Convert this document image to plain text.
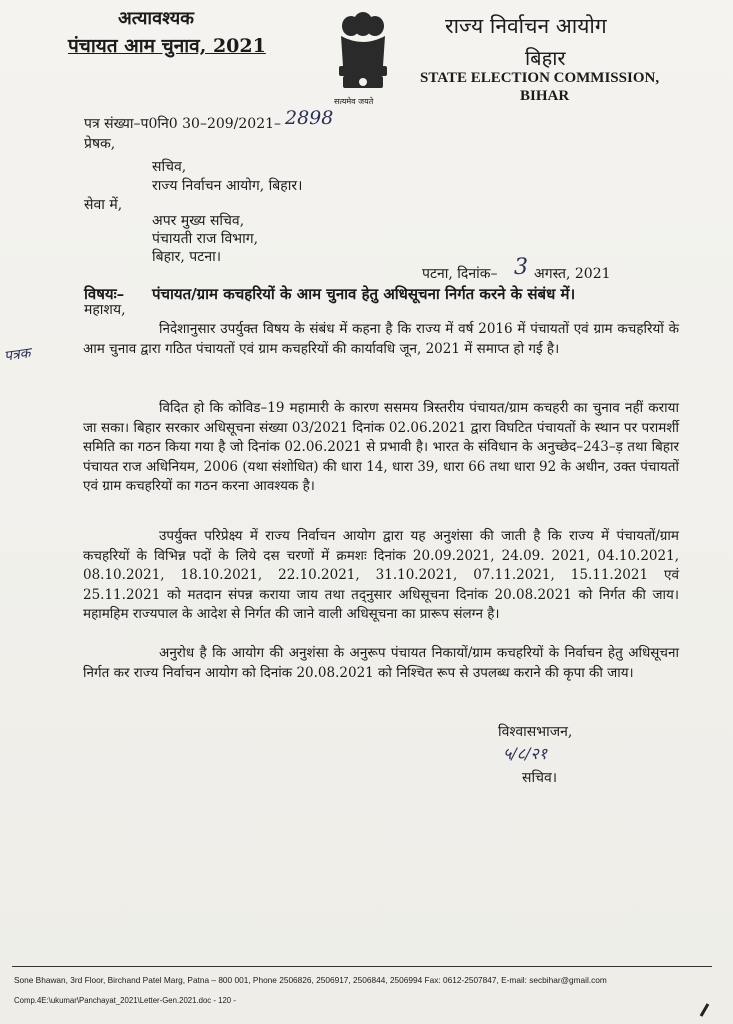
अत्यावश्यक
पंचायत आम चुनाव, 2021
सत्यमेव जयते
राज्य निर्वाचन आयोग
बिहार
STATE ELECTION COMMISSION,
BIHAR
पत्र संख्या–प0नि0 30–209/2021– 2898
प्रेषक,
सचिव,
राज्य निर्वाचन आयोग, बिहार।
सेवा में,
अपर मुख्य सचिव,
पंचायती राज विभाग,
बिहार, पटना।
पटना, दिनांक– 3 अगस्त, 2021
विषयः– पंचायत/ग्राम कचहरियों के आम चुनाव हेतु अधिसूचना निर्गत करने के संबंध में।
महाशय,
पत्रक
निदेशानुसार उपर्युक्त विषय के संबंध में कहना है कि राज्य में वर्ष 2016 में पंचायतों एवं ग्राम कचहरियों के आम चुनाव द्वारा गठित पंचायतों एवं ग्राम कचहरियों की कार्यावधि जून, 2021 में समाप्त हो गई है।
विदित हो कि कोविड–19 महामारी के कारण ससमय त्रिस्तरीय पंचायत/ग्राम कचहरी का चुनाव नहीं कराया जा सका। बिहार सरकार अधिसूचना संख्या 03/2021 दिनांक 02.06.2021 द्वारा विघटित पंचायतों के स्थान पर परामर्शी समिति का गठन किया गया है जो दिनांक 02.06.2021 से प्रभावी है। भारत के संविधान के अनुच्छेद–243–ड़ तथा बिहार पंचायत राज अधिनियम, 2006 (यथा संशोधित) की धारा 14, धारा 39, धारा 66 तथा धारा 92 के अधीन, उक्त पंचायतों एवं ग्राम कचहरियों का गठन करना आवश्यक है।
उपर्युक्त परिप्रेक्ष्य में राज्य निर्वाचन आयोग द्वारा यह अनुशंसा की जाती है कि राज्य में पंचायतों/ग्राम कचहरियों के विभिन्न पदों के लिये दस चरणों में क्रमशः दिनांक 20.09.2021, 24.09. 2021, 04.10.2021, 08.10.2021, 18.10.2021, 22.10.2021, 31.10.2021, 07.11.2021, 15.11.2021 एवं 25.11.2021 को मतदान संपन्न कराया जाय तथा तद्नुसार अधिसूचना दिनांक 20.08.2021 को निर्गत की जाय। महामहिम राज्यपाल के आदेश से निर्गत की जाने वाली अधिसूचना का प्रारूप संलग्न है।
अनुरोध है कि आयोग की अनुशंसा के अनुरूप पंचायत निकायों/ग्राम कचहरियों के निर्वाचन हेतु अधिसूचना निर्गत कर राज्य निर्वाचन आयोग को दिनांक 20.08.2021 को निश्चित रूप से उपलब्ध कराने की कृपा की जाय।
विश्वासभाजन,
५/८/२१
सचिव।
Sone Bhawan, 3rd Floor, Birchand Patel Marg, Patna – 800 001, Phone 2506826, 2506917, 2506844, 2506994 Fax: 0612-2507847, E-mail: secbihar@gmail.com
Comp.4E:\ukumar\Panchayat_2021\Letter-Gen.2021.doc - 120 -
